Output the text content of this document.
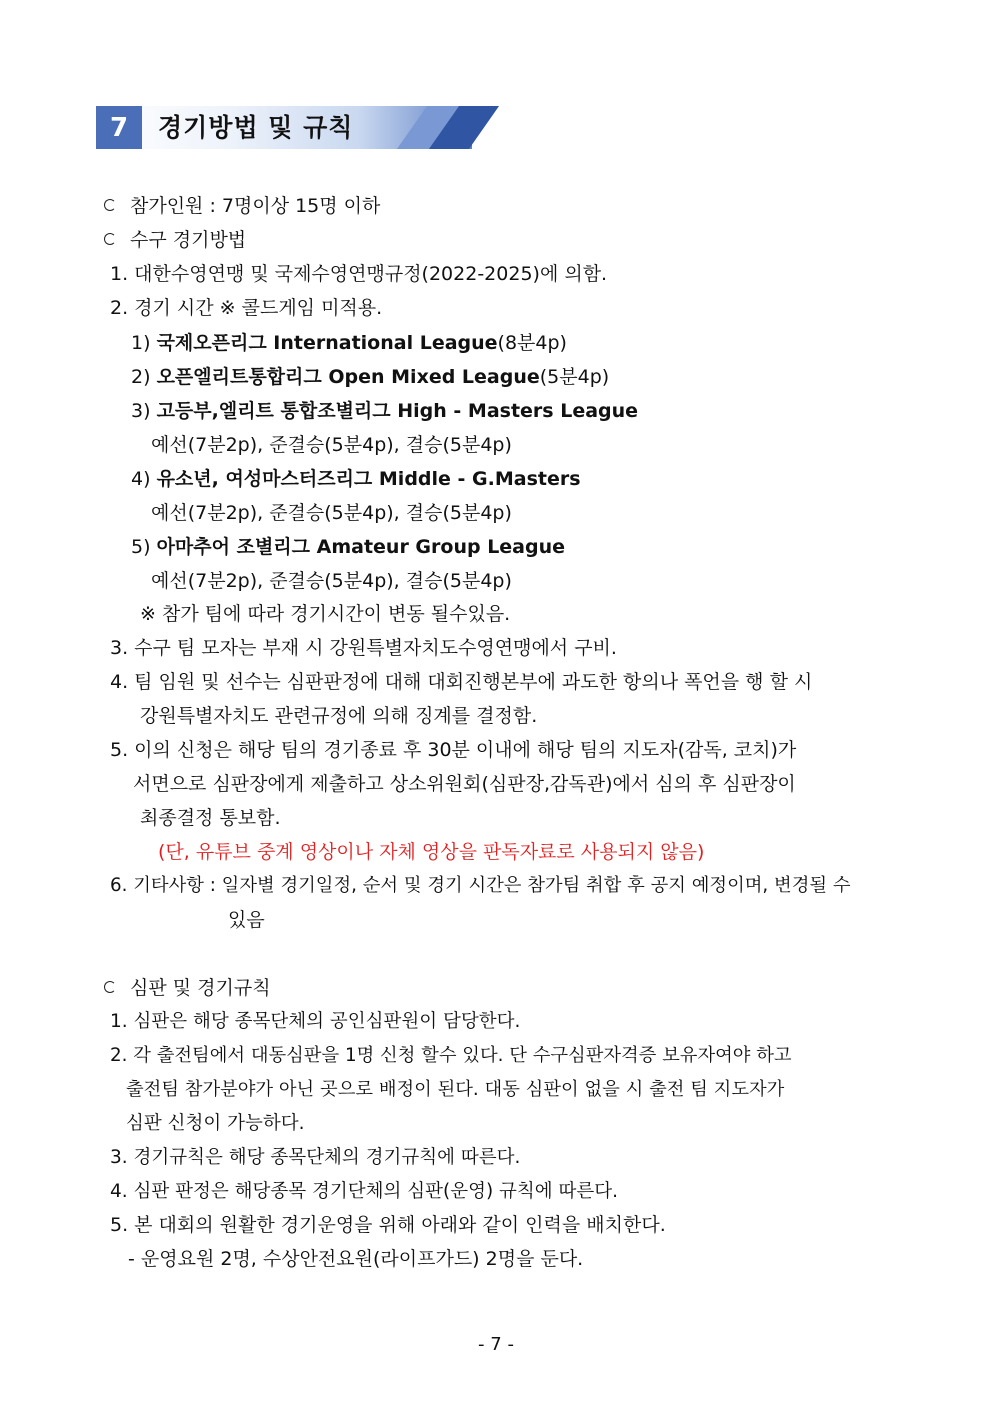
7	경기방법 및 규칙
참가인원 : 7명이상 15명 이하
수구 경기방법
1. 대한수영연맹 및 국제수영연맹규정(2022-2025)에 의함.
2. 경기 시간 ※ 콜드게임 미적용.
1) 국제오픈리그 International League(8분4p)
2) 오픈엘리트통합리그 Open Mixed League(5분4p)
3) 고등부,엘리트 통합조별리그 High - Masters League
예선(7분2p), 준결승(5분4p), 결승(5분4p)
4) 유소년, 여성마스터즈리그 Middle - G.Masters
예선(7분2p), 준결승(5분4p), 결승(5분4p)
5) 아마추어 조별리그 Amateur Group League
예선(7분2p), 준결승(5분4p), 결승(5분4p)
※ 참가 팀에 따라 경기시간이 변동 될수있음.
3. 수구 팀 모자는 부재 시 강원특별자치도수영연맹에서 구비.
4. 팀 임원 및 선수는 심판판정에 대해 대회진행본부에 과도한 항의나 폭언을 행 할 시
강원특별자치도 관련규정에 의해 징계를 결정함.
5. 이의 신청은 해당 팀의 경기종료 후 30분 이내에 해당 팀의 지도자(감독, 코치)가
서면으로 심판장에게 제출하고 상소위원회(심판장,감독관)에서 심의 후 심판장이
최종결정 통보함.
(단, 유튜브 중계 영상이나 자체 영상을 판독자료로 사용되지 않음)
6. 기타사항 : 일자별 경기일정, 순서 및 경기 시간은 참가팀 취합 후 공지 예정이며, 변경될 수
있음
심판 및 경기규칙
1. 심판은 해당 종목단체의 공인심판원이 담당한다.
2. 각 출전팀에서 대동심판을 1명 신청 할수 있다. 단 수구심판자격증 보유자여야 하고
출전팀 참가분야가 아닌 곳으로 배정이 된다. 대동 심판이 없을 시 출전 팀 지도자가
심판 신청이 가능하다.
3. 경기규칙은 해당 종목단체의 경기규칙에 따른다.
4. 심판 판정은 해당종목 경기단체의 심판(운영) 규칙에 따른다.
5. 본 대회의 원활한 경기운영을 위해 아래와 같이 인력을 배치한다.
- 운영요원 2명, 수상안전요원(라이프가드) 2명을 둔다.
- 7 -
